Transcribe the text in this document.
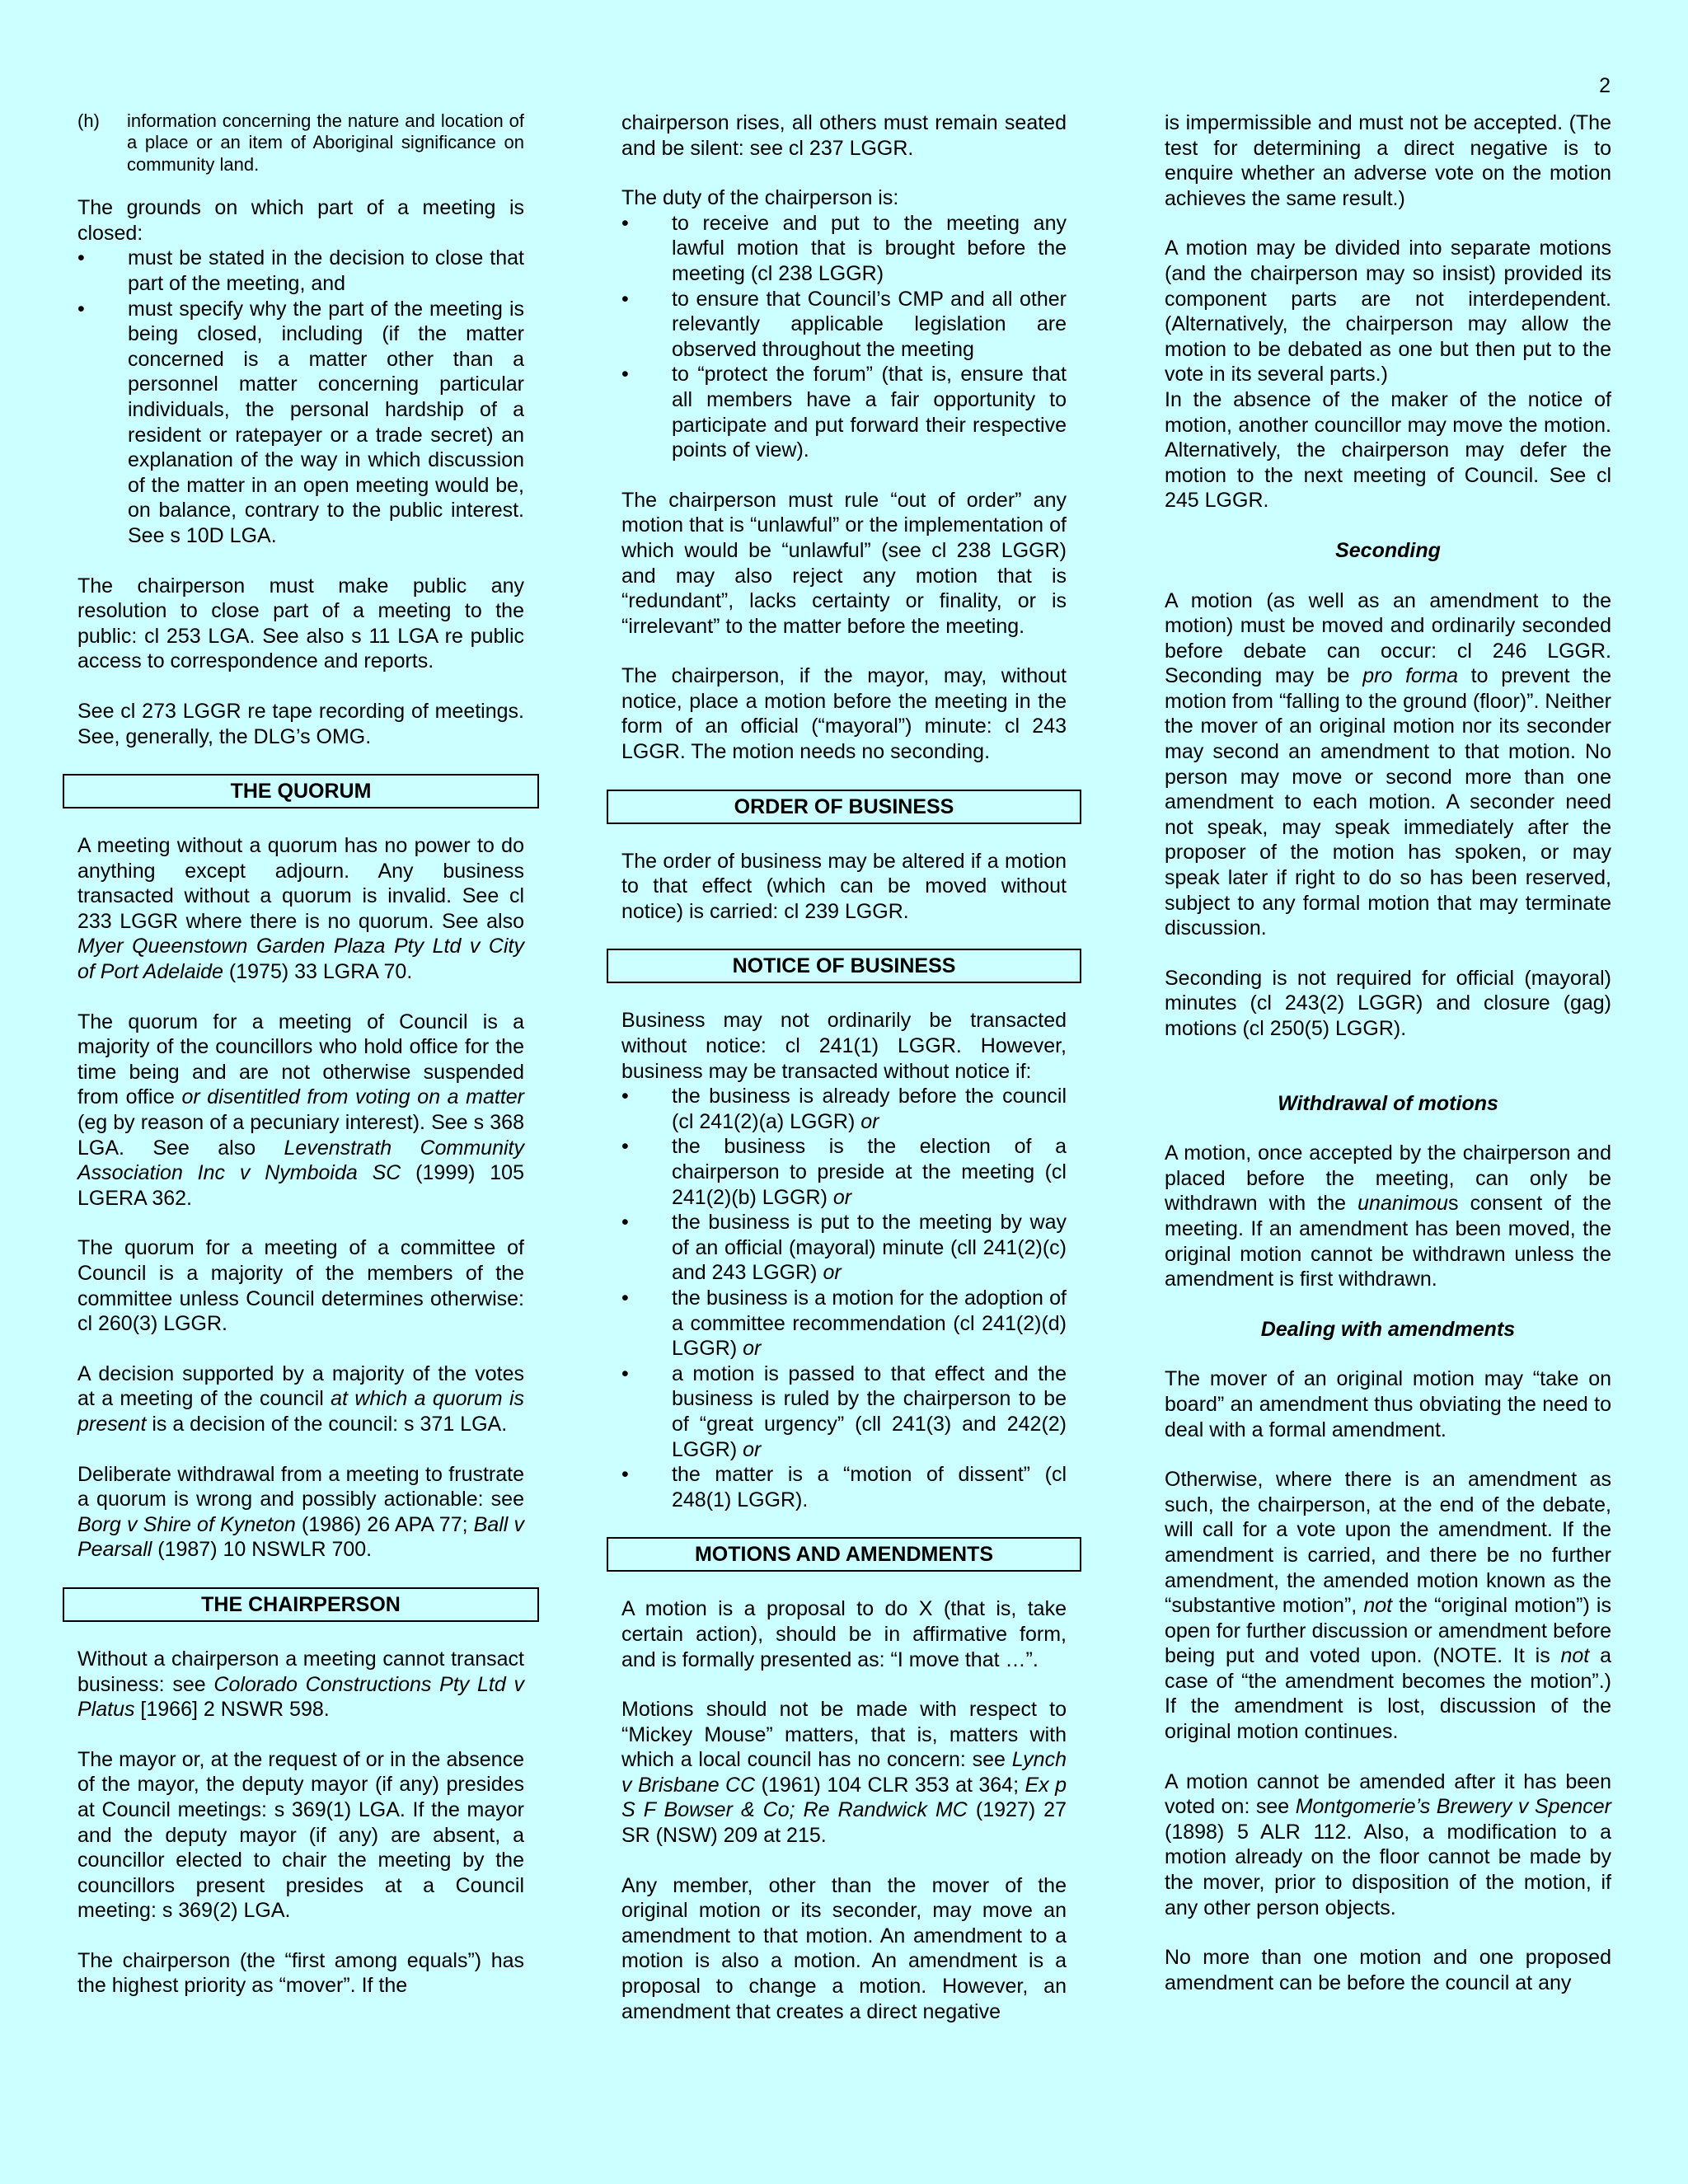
2
(h)	information concerning the nature and location of a place or an item of Aboriginal significance on community land.

The grounds on which part of a meeting is closed:

• must be stated in the decision to close that part of the meeting, and
• must specify why the part of the meeting is being closed, including (if the matter concerned is a matter other than a personnel matter concerning particular individuals, the personal hardship of a resident or ratepayer or a trade secret) an explanation of the way in which discussion of the matter in an open meeting would be, on balance, contrary to the public interest. See s 10D LGA.

The chairperson must make public any resolution to close part of a meeting to the public: cl 253 LGA. See also s 11 LGA re public access to correspondence and reports.

See cl 273 LGGR re tape recording of meetings. See, generally, the DLG’s OMG.

THE QUORUM

A meeting without a quorum has no power to do anything except adjourn. Any business transacted without a quorum is invalid. See cl 233 LGGR where there is no quorum. See also Myer Queenstown Garden Plaza Pty Ltd v City of Port Adelaide (1975) 33 LGRA 70.

The quorum for a meeting of Council is a majority of the councillors who hold office for the time being and are not otherwise suspended from office or disentitled from voting on a matter (eg by reason of a pecuniary interest). See s 368 LGA. See also Levenstrath Community Association Inc v Nymboida SC (1999) 105 LGERA 362.

The quorum for a meeting of a committee of Council is a majority of the members of the committee unless Council determines otherwise: cl 260(3) LGGR.

A decision supported by a majority of the votes at a meeting of the council at which a quorum is present is a decision of the council: s 371 LGA.

Deliberate withdrawal from a meeting to frustrate a quorum is wrong and possibly actionable: see Borg v Shire of Kyneton (1986) 26 APA 77; Ball v Pearsall (1987) 10 NSWLR 700.

THE CHAIRPERSON

Without a chairperson a meeting cannot transact business: see Colorado Constructions Pty Ltd v Platus [1966] 2 NSWR 598.

The mayor or, at the request of or in the absence of the mayor, the deputy mayor (if any) presides at Council meetings: s 369(1) LGA. If the mayor and the deputy mayor (if any) are absent, a councillor elected to chair the meeting by the councillors present presides at a Council meeting: s 369(2) LGA.

The chairperson (the “first among equals”) has the highest priority as “mover”. If the

chairperson rises, all others must remain seated and be silent: see cl 237 LGGR.

The duty of the chairperson is:

• to receive and put to the meeting any lawful motion that is brought before the meeting (cl 238 LGGR)
• to ensure that Council’s CMP and all other relevantly applicable legislation are observed throughout the meeting
• to “protect the forum” (that is, ensure that all members have a fair opportunity to participate and put forward their respective points of view).

The chairperson must rule “out of order” any motion that is “unlawful” or the implementation of which would be “unlawful” (see cl 238 LGGR) and may also reject any motion that is “redundant”, lacks certainty or finality, or is “irrelevant” to the matter before the meeting.

The chairperson, if the mayor, may, without notice, place a motion before the meeting in the form of an official (“mayoral”) minute: cl 243 LGGR. The motion needs no seconding.

ORDER OF BUSINESS

The order of business may be altered if a motion to that effect (which can be moved without notice) is carried: cl 239 LGGR.

NOTICE OF BUSINESS

Business may not ordinarily be transacted without notice: cl 241(1) LGGR. However, business may be transacted without notice if:

• the business is already before the council (cl 241(2)(a) LGGR) or
• the business is the election of a chairperson to preside at the meeting (cl 241(2)(b) LGGR) or
• the business is put to the meeting by way of an official (mayoral) minute (cll 241(2)(c) and 243 LGGR) or
• the business is a motion for the adoption of a committee recommendation (cl 241(2)(d) LGGR) or
• a motion is passed to that effect and the business is ruled by the chairperson to be of “great urgency” (cll 241(3) and 242(2) LGGR) or
• the matter is a “motion of dissent” (cl 248(1) LGGR).
MOTIONS AND AMENDMENTS

A motion is a proposal to do X (that is, take certain action), should be in affirmative form, and is formally presented as: “I move that …”.

Motions should not be made with respect to “Mickey Mouse” matters, that is, matters with which a local council has no concern: see Lynch v Brisbane CC (1961) 104 CLR 353 at 364; Ex p S F Bowser & Co; Re Randwick MC (1927) 27 SR (NSW) 209 at 215.

Any member, other than the mover of the original motion or its seconder, may move an amendment to that motion. An amendment to a motion is also a motion. An amendment is a proposal to change a motion. However, an amendment that creates a direct negative

is impermissible and must not be accepted. (The test for determining a direct negative is to enquire whether an adverse vote on the motion achieves the same result.)

A motion may be divided into separate motions (and the chairperson may so insist) provided its component parts are not interdependent. (Alternatively, the chairperson may allow the motion to be debated as one but then put to the vote in its several parts.)

In the absence of the maker of the notice of motion, another councillor may move the motion. Alternatively, the chairperson may defer the motion to the next meeting of Council. See cl 245 LGGR.

Seconding

A motion (as well as an amendment to the motion) must be moved and ordinarily seconded before debate can occur: cl 246 LGGR. Seconding may be pro forma to prevent the motion from “falling to the ground (floor)”. Neither the mover of an original motion nor its seconder may second an amendment to that motion. No person may move or second more than one amendment to each motion. A seconder need not speak, may speak immediately after the proposer of the motion has spoken, or may speak later if right to do so has been reserved, subject to any formal motion that may terminate discussion.

Seconding is not required for official (mayoral) minutes (cl 243(2) LGGR) and closure (gag) motions (cl 250(5) LGGR).

Withdrawal of motions

A motion, once accepted by the chairperson and placed before the meeting, can only be withdrawn with the unanimous consent of the meeting. If an amendment has been moved, the original motion cannot be withdrawn unless the amendment is first withdrawn.

Dealing with amendments

The mover of an original motion may “take on board” an amendment thus obviating the need to deal with a formal amendment.

Otherwise, where there is an amendment as such, the chairperson, at the end of the debate, will call for a vote upon the amendment. If the amendment is carried, and there be no further amendment, the amended motion known as the “substantive motion”, not the “original motion”) is open for further discussion or amendment before being put and voted upon. (NOTE. It is not a case of “the amendment becomes the motion”.) If the amendment is lost, discussion of the original motion continues.

A motion cannot be amended after it has been voted on: see Montgomerie’s Brewery v Spencer (1898) 5 ALR 112. Also, a modification to a motion already on the floor cannot be made by the mover, prior to disposition of the motion, if any other person objects.

No more than one motion and one proposed amendment can be before the council at any
